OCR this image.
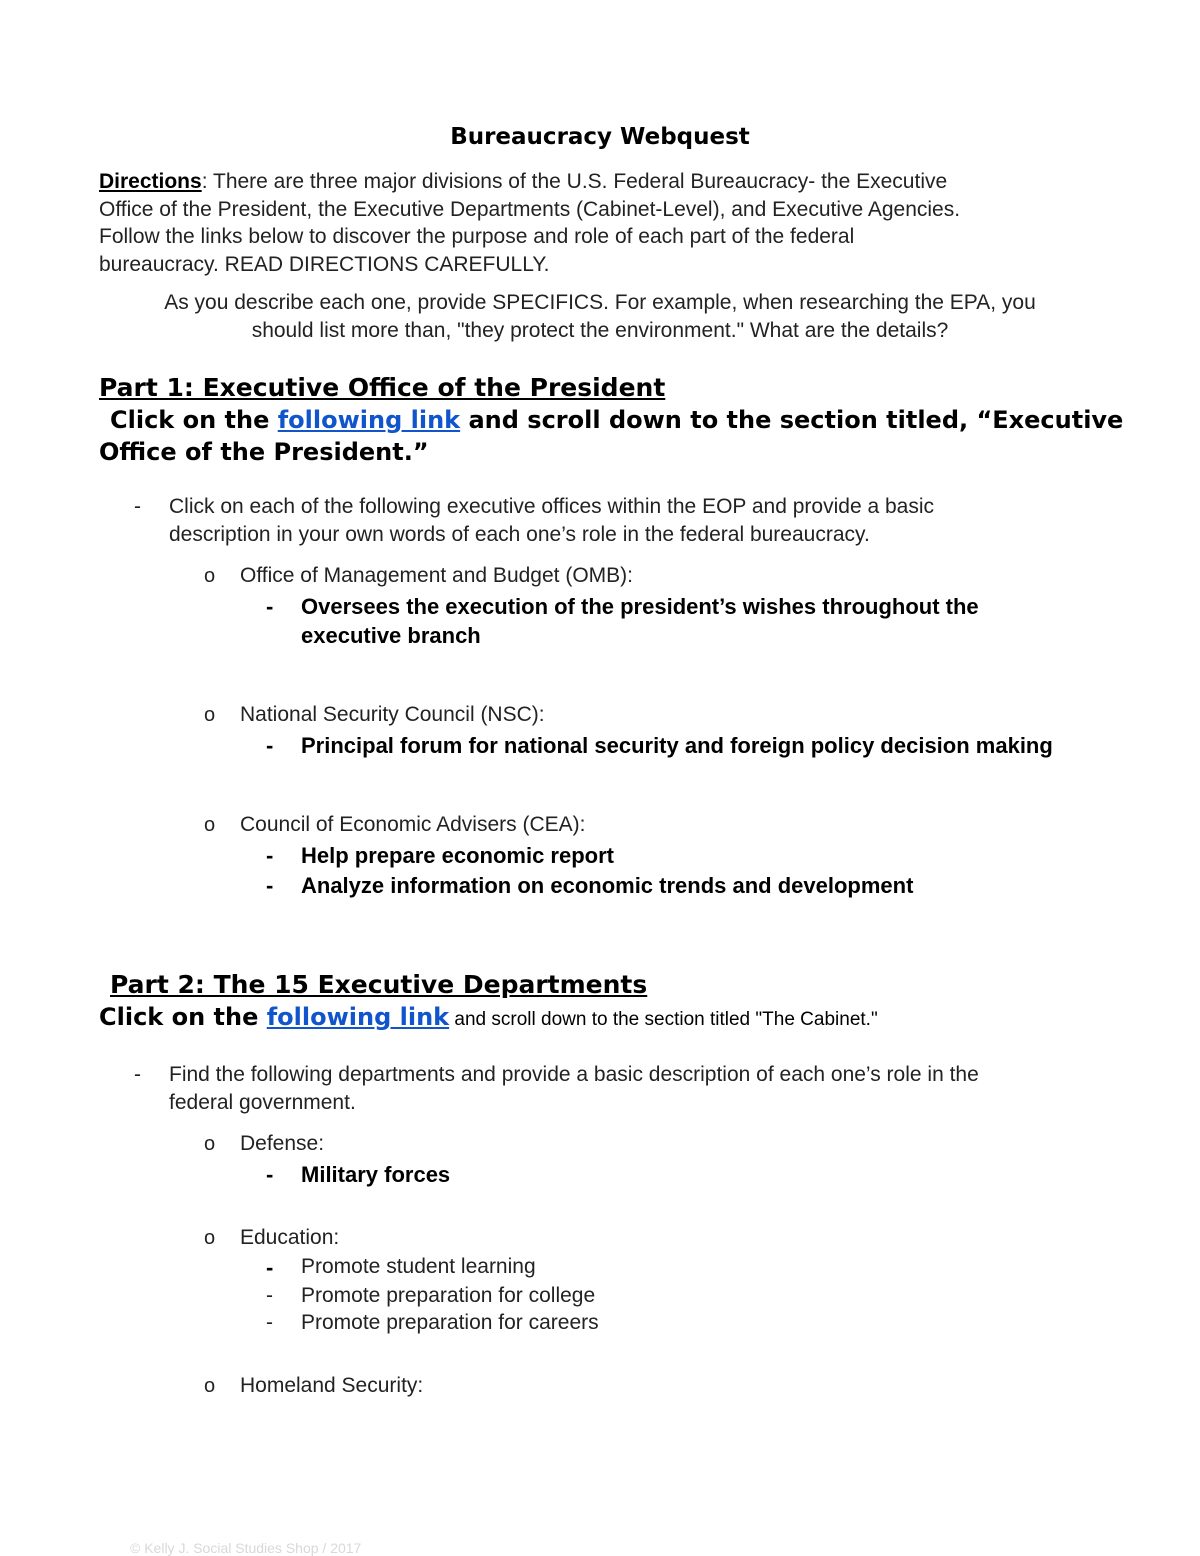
Bureaucracy Webquest
Directions: There are three major divisions of the U.S. Federal Bureaucracy- the Executive
Office of the President, the Executive Departments (Cabinet-Level), and Executive Agencies.
Follow the links below to discover the purpose and role of each part of the federal
bureaucracy. READ DIRECTIONS CAREFULLY.
As you describe each one, provide SPECIFICS. For example, when researching the EPA, you
should list more than, "they protect the environment." What are the details?
Part 1: Executive Office of the President
Click on the following link and scroll down to the section titled, “Executive
Office of the President.”
- Click on each of the following executive offices within the EOP and provide a basic
description in your own words of each one’s role in the federal bureaucracy.
o Office of Management and Budget (OMB):
- Oversees the execution of the president’s wishes throughout the
executive branch
o National Security Council (NSC):
- Principal forum for national security and foreign policy decision making
o Council of Economic Advisers (CEA):
- Help prepare economic report
- Analyze information on economic trends and development
Part 2: The 15 Executive Departments
Click on the following link and scroll down to the section titled "The Cabinet."
- Find the following departments and provide a basic description of each one’s role in the
federal government.
o Defense:
- Military forces
o Education:
- Promote student learning
- Promote preparation for college
- Promote preparation for careers
o Homeland Security:
© Kelly J. Social Studies Shop / 2017
